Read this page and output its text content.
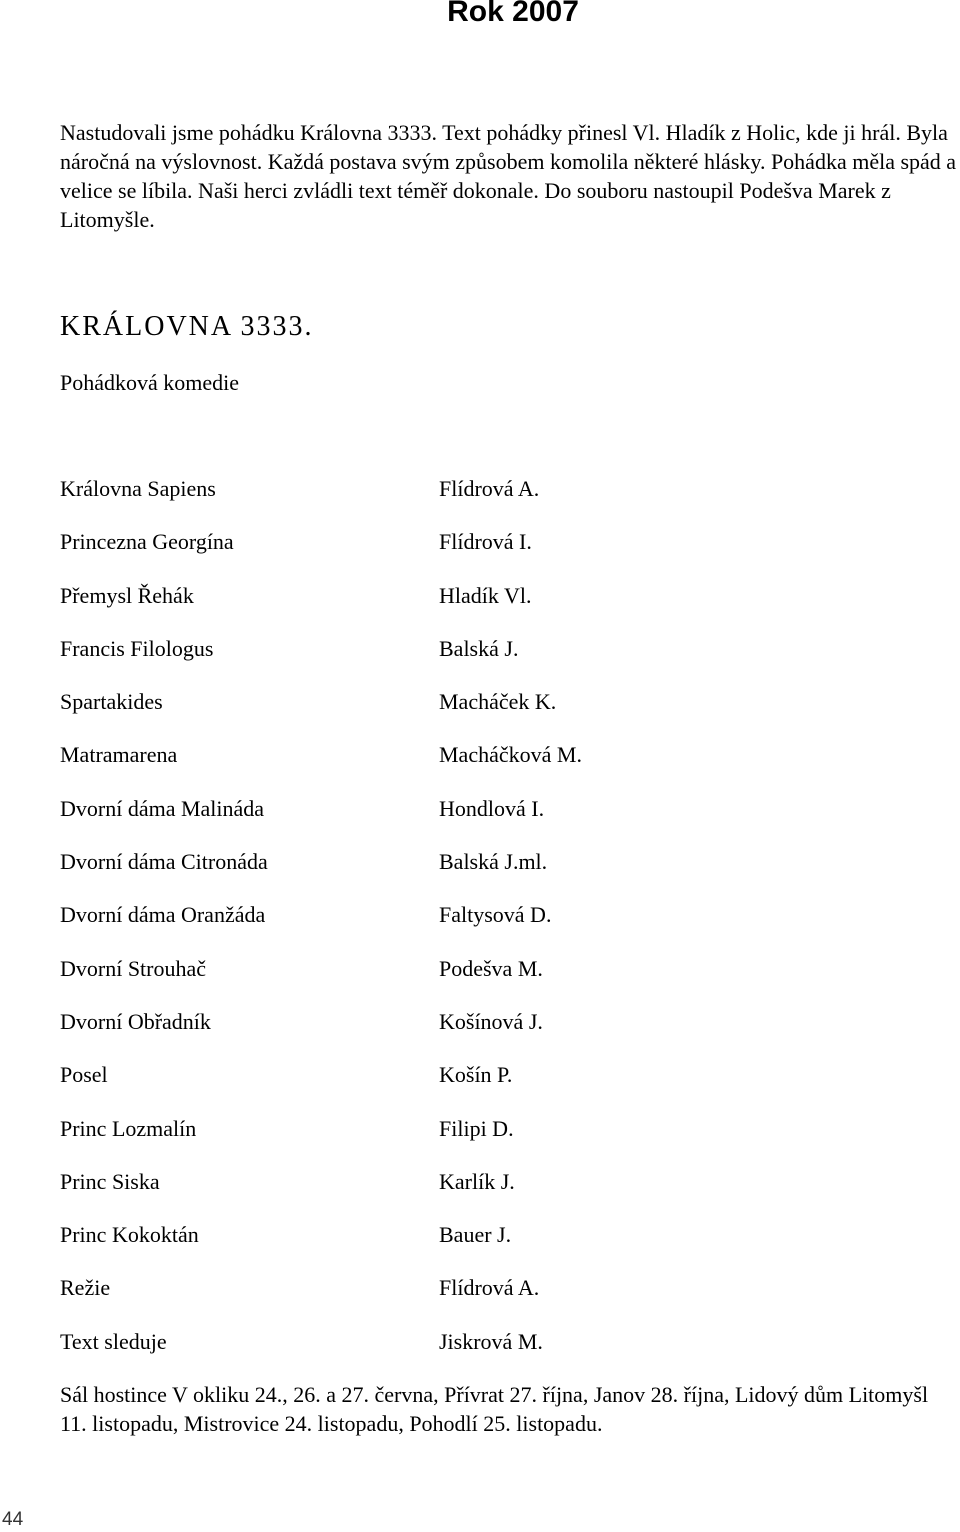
Rok 2007

Nastudovali jsme pohádku Královna 3333. Text pohádky přinesl Vl. Hladík z Holic, kde ji hrál. Byla náročná na výslovnost. Každá postava svým způsobem komolila některé hlásky. Pohádka měla spád a velice se líbila. Naši herci zvládli text téměř dokonale. Do souboru nastoupil Podešva Marek z Litomyšle.

KRÁLOVNA 3333.

Pohádková komedie

Královna Sapiens	Flídrová A.
Princezna Georgína	Flídrová I.
Přemysl Řehák	Hladík Vl.
Francis Filologus	Balská J.
Spartakides	Macháček K.
Matramarena	Macháčková M.
Dvorní dáma Malináda	Hondlová I.
Dvorní dáma Citronáda	Balská J.ml.
Dvorní dáma Oranžáda	Faltysová D.
Dvorní Strouhač	Podešva M.
Dvorní Obřadník	Košínová J.
Posel	Košín P.
Princ Lozmalín	Filipi D.
Princ Siska	Karlík J.
Princ Kokoktán	Bauer J.
Režie	Flídrová A.
Text sleduje	Jiskrová M.

Sál hostince V okliku 24., 26. a 27. června, Přívrat 27. října, Janov 28. října, Lidový dům Litomyšl 11. listopadu, Mistrovice 24. listopadu, Pohodlí 25. listopadu.

44
